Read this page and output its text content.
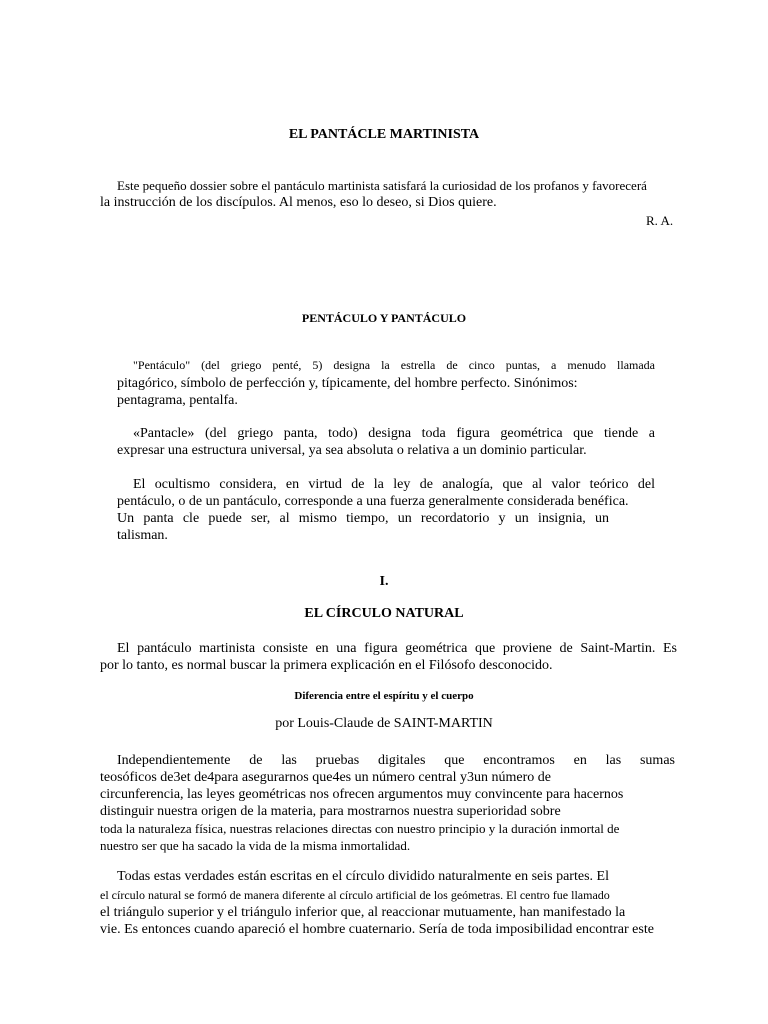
EL PANTÁCLE MARTINISTA

Este pequeño dossier sobre el pantáculo martinista satisfará la curiosidad de los profanos y favorecerá

la instrucción de los discípulos. Al menos, eso lo deseo, si Dios quiere.

R. A.

PENTÁCULO Y PANTÁCULO

"Pentáculo" (del griego penté, 5) designa la estrella de cinco puntas, a menudo llamada

pitagórico, símbolo de perfección y, típicamente, del hombre perfecto. Sinónimos:

pentagrama, pentalfa.

«Pantacle» (del griego panta, todo) designa toda figura geométrica que tiende a

expresar una estructura universal, ya sea absoluta o relativa a un dominio particular.

El ocultismo considera, en virtud de la ley de analogía, que al valor teórico del

pentáculo, o de un pantáculo, corresponde a una fuerza generalmente considerada benéfica.

Un panta cle puede ser, al mismo tiempo, un recordatorio y un insignia, un

talisman.

I.

EL CÍRCULO NATURAL

El pantáculo martinista consiste en una figura geométrica que proviene de Saint-Martin. Es

por lo tanto, es normal buscar la primera explicación en el Filósofo desconocido.

Diferencia entre el espíritu y el cuerpo

por Louis-Claude de SAINT-MARTIN

Independientemente de las pruebas digitales que encontramos en las sumas

teosóficos de3et de4para asegurarnos que4es un número central y3un número de

circunferencia, las leyes geométricas nos ofrecen argumentos muy convincente para hacernos

distinguir nuestra origen de la materia, para mostrarnos nuestra superioridad sobre

toda la naturaleza física, nuestras relaciones directas con nuestro principio y la duración inmortal de

nuestro ser que ha sacado la vida de la misma inmortalidad.

Todas estas verdades están escritas en el círculo dividido naturalmente en seis partes. El

el círculo natural se formó de manera diferente al círculo artificial de los geómetras. El centro fue llamado

el triángulo superior y el triángulo inferior que, al reaccionar mutuamente, han manifestado la

vie. Es entonces cuando apareció el hombre cuaternario. Sería de toda imposibilidad encontrar este
